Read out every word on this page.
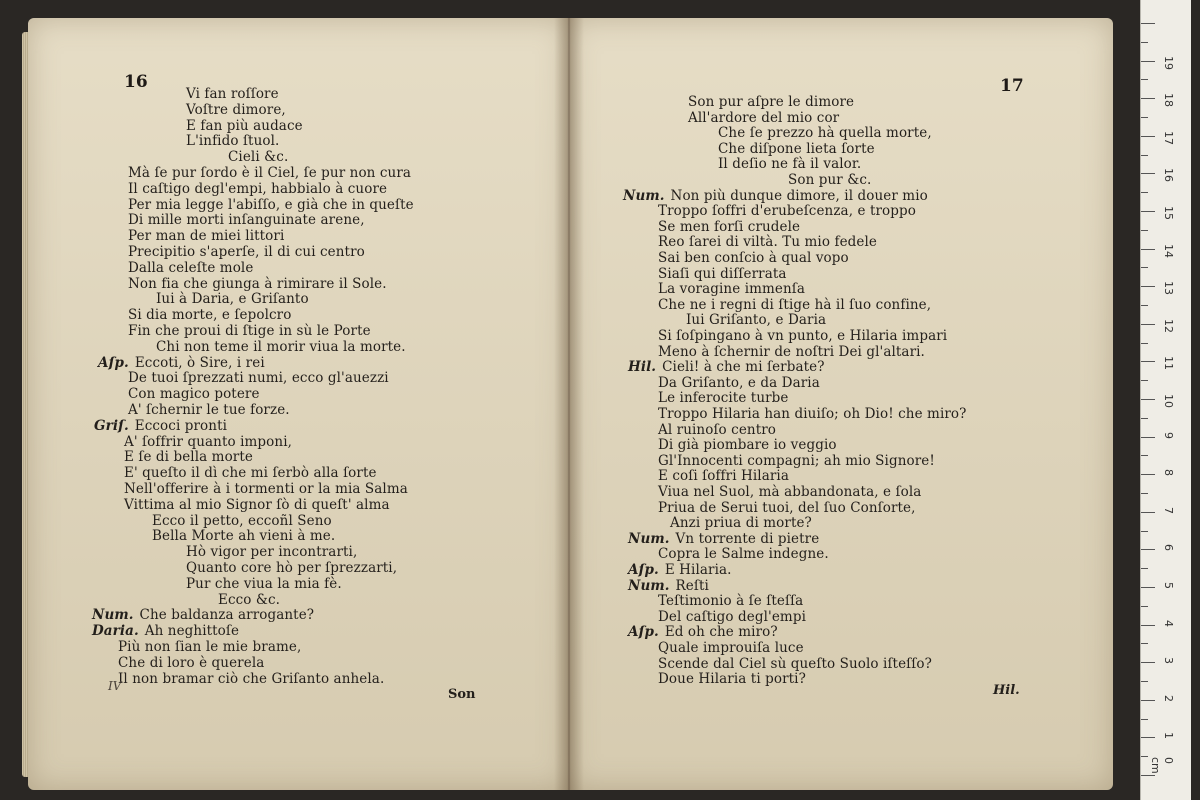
16
Vi fan roſſore
Voſtre dimore,
E fan più audace
L'infido ſtuol.
Cieli &c.
Mà ſe pur ſordo è il Ciel, ſe pur non cura
Il caſtigo degl'empi, habbialo à cuore
Per mia legge l'abiſſo, e già che in queſte
Di mille morti inſanguinate arene,
Per man de miei littori
Precipitio s'aperſe, il di cui centro
Dalla celeſte mole
Non fia che giunga à rimirare il Sole.
Iui à Daria, e Griſanto
Si dia morte, e ſepolcro
Fin che proui di ſtige in sù le Porte
Chi non teme il morir viua la morte.
Aſp. Eccoti, ò Sire, i rei
De tuoi ſprezzati numi, ecco gl'auezzi
Con magico potere
A' ſchernir le tue forze.
Griſ. Eccoci pronti
A' ſoffrir quanto imponi,
E ſe di bella morte
E' queſto il dì che mi ſerbò alla ſorte
Nell'offerire à i tormenti or la mia Salma
Vittima al mio Signor ſò di queſt' alma
Ecco il petto, eccoñl Seno
Bella Morte ah vieni à me.
Hò vigor per incontrarti,
Quanto core hò per ſprezzarti,
Pur che viua la mia fè.
Ecco &c.
Num. Che baldanza arrogante?
Daria. Ah neghittoſe
Più non ſian le mie brame,
Che di loro è querela
Il non bramar ciò che Griſanto anhela.
IV
Son
17
Son pur aſpre le dimore
All'ardore del mio cor
Che ſe prezzo hà quella morte,
Che diſpone lieta ſorte
Il deſio ne fà il valor.
Son pur &c.
Num. Non più dunque dimore, il douer mio
Troppo ſoffri d'erubeſcenza, e troppo
Se men forſi crudele
Reo ſarei di viltà. Tu mio fedele
Sai ben conſcio à qual vopo
Siaſi qui diſſerrata
La voragine immenſa
Che ne i regni di ſtige hà il ſuo confine,
Iui Griſanto, e Daria
Si ſoſpingano à vn punto, e Hilaria impari
Meno à ſchernir de noſtri Dei gl'altari.
Hil. Cieli! à che mi ſerbate?
Da Griſanto, e da Daria
Le inferocite turbe
Troppo Hilaria han diuiſo; oh Dio! che miro?
Al ruinoſo centro
Di già piombare io veggio
Gl'Innocenti compagni; ah mio Signore!
E coſi ſoffri Hilaria
Viua nel Suol, mà abbandonata, e ſola
Priua de Serui tuoi, del ſuo Conſorte,
Anzi priua di morte?
Num. Vn torrente di pietre
Copra le Salme indegne.
Aſp. E Hilaria.
Num. Reſti
Teſtimonio à ſe ſteſſa
Del caſtigo degl'empi
Aſp. Ed oh che miro?
Quale improuiſa luce
Scende dal Ciel sù queſto Suolo iſteſſo?
Doue Hilaria ti porti?
Hil.
0 cm
1
2
3
4
5
6
7
8
9
10
11
12
13
14
15
16
17
18
19
